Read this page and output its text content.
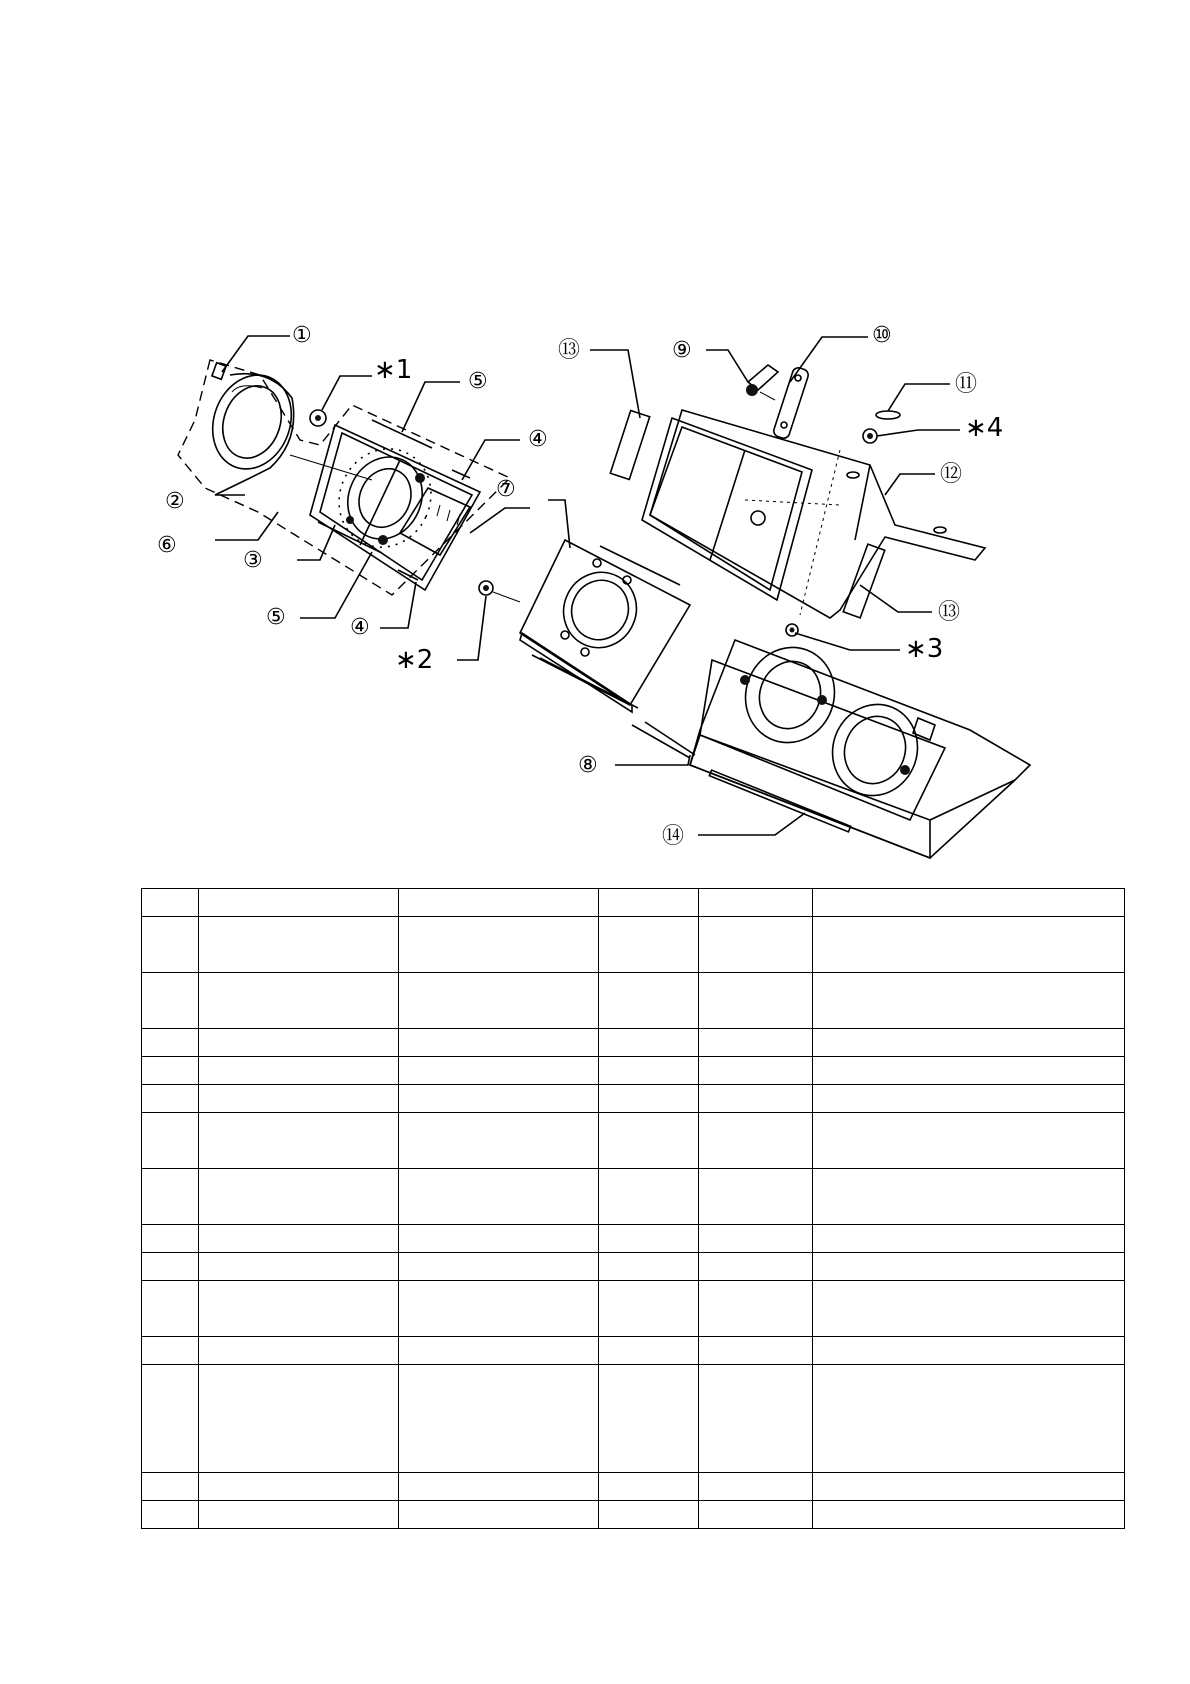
①
∗1	⑤
④
⑦
②
⑥
③
⑤	④
∗2
⑧
⑭
⑬	⑨
⑩
⑪
∗4
⑫
⑬
∗3
